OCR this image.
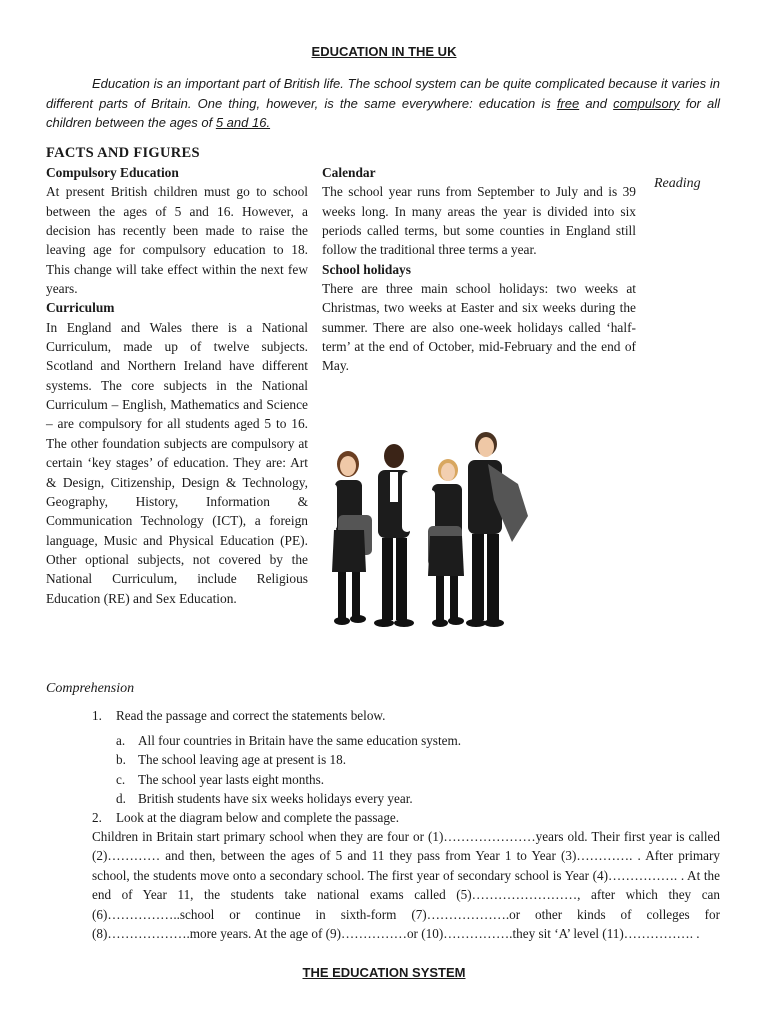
EDUCATION IN THE UK
Education is an important part of British life. The school system can be quite complicated because it varies in different parts of Britain. One thing, however, is the same everywhere: education is free and compulsory for all children between the ages of 5 and 16.
FACTS AND FIGURES
Compulsory Education

At present British children must go to school between the ages of 5 and 16. However, a decision has recently been made to raise the leaving age for compulsory education to 18. This change will take effect within the next few years.

Curriculum

In England and Wales there is a National Curriculum, made up of twelve subjects. Scotland and Northern Ireland have different systems. The core subjects in the National Curriculum – English, Mathematics and Science – are compulsory for all students aged 5 to 16. The other foundation subjects are compulsory at certain ‘key stages’ of education. They are: Art & Design, Citizenship, Design & Technology, Geography, History, Information & Communication Technology (ICT), a foreign language, Music and Physical Education (PE). Other optional subjects, not covered by the National Curriculum, include Religious Education (RE) and Sex Education.

Calendar

The school year runs from September to July and is 39 weeks long. In many areas the year is divided into six periods called terms, but some counties in England still follow the traditional three terms a year.

School holidays

There are three main school holidays: two weeks at Christmas, two weeks at Easter and six weeks during the summer. There are also one-week holidays called ‘half-term’ at the end of October, mid-February and the end of May.

Reading
Comprehension
1. Read the passage and correct the statements below.
a. All four countries in Britain have the same education system.
b. The school leaving age at present is 18.
c. The school year lasts eight months.
d. British students have six weeks holidays every year.
2. Look at the diagram below and complete the passage.
Children in Britain start primary school when they are four or (1)…………………years old. Their first year is called (2)………… and then, between the ages of 5 and 11 they pass from Year 1 to Year (3)…………. . After primary school, the students move onto a secondary school. The first year of secondary school is Year (4)……………. . At the end of Year 11, the students take national exams called (5)……………………, after which they can (6)……………..school or continue in sixth-form (7)……………….or other kinds of colleges for (8)……………….more years. At the age of (9)……………or (10)…………….they sit ‘A’ level (11)……………. .
THE EDUCATION SYSTEM
